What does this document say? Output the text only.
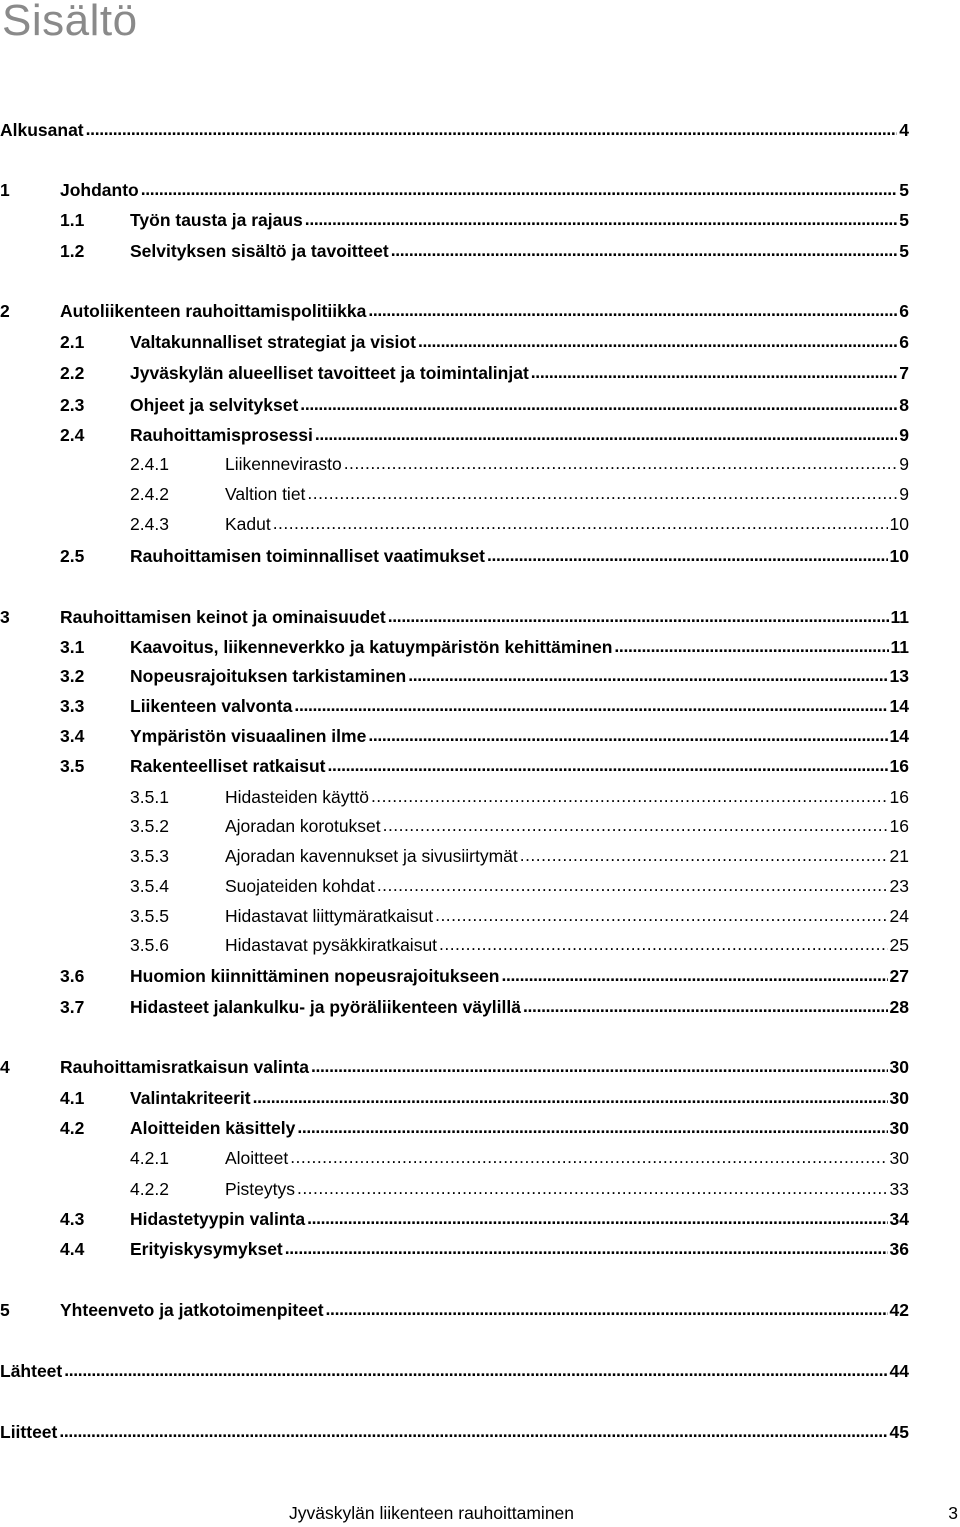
Sisältö
Alkusanat . . .	4
1	Johdanto . . .	5
1.1	Työn tausta ja rajaus . . .	5
1.2	Selvityksen sisältö ja tavoitteet . . .	5
2	Autoliikenteen rauhoittamispolitiikka . . .	6
2.1	Valtakunnalliset strategiat ja visiot . . .	6
2.2	Jyväskylän alueelliset tavoitteet ja toimintalinjat . . .	7
2.3	Ohjeet ja selvitykset . . .	8
2.4	Rauhoittamisprosessi . . .	9
2.4.1	Liikennevirasto . . .	9
2.4.2	Valtion tiet . . .	9
2.4.3	Kadut . . .	10
2.5	Rauhoittamisen toiminnalliset vaatimukset . . .	10
3	Rauhoittamisen keinot ja ominaisuudet . . .	11
3.1	Kaavoitus, liikenneverkko ja katuympäristön kehittäminen . . .	11
3.2	Nopeusrajoituksen tarkistaminen . . .	13
3.3	Liikenteen valvonta . . .	14
3.4	Ympäristön visuaalinen ilme . . .	14
3.5	Rakenteelliset ratkaisut . . .	16
3.5.1	Hidasteiden käyttö . . .	16
3.5.2	Ajoradan korotukset . . .	16
3.5.3	Ajoradan kavennukset ja sivusiirtymät . . .	21
3.5.4	Suojateiden kohdat . . .	23
3.5.5	Hidastavat liittymäratkaisut . . .	24
3.5.6	Hidastavat pysäkkiratkaisut . . .	25
3.6	Huomion kiinnittäminen nopeusrajoitukseen . . .	27
3.7	Hidasteet jalankulku- ja pyöräliikenteen väylillä . . .	28
4	Rauhoittamisratkaisun valinta . . .	30
4.1	Valintakriteerit . . .	30
4.2	Aloitteiden käsittely . . .	30
4.2.1	Aloitteet . . .	30
4.2.2	Pisteytys . . .	33
4.3	Hidastetyypin valinta . . .	34
4.4	Erityiskysymykset . . .	36
5	Yhteenveto ja jatkotoimenpiteet . . .	42
Lähteet . . .	44
Liitteet . . .	45
Jyväskylän liikenteen rauhoittaminen	3
